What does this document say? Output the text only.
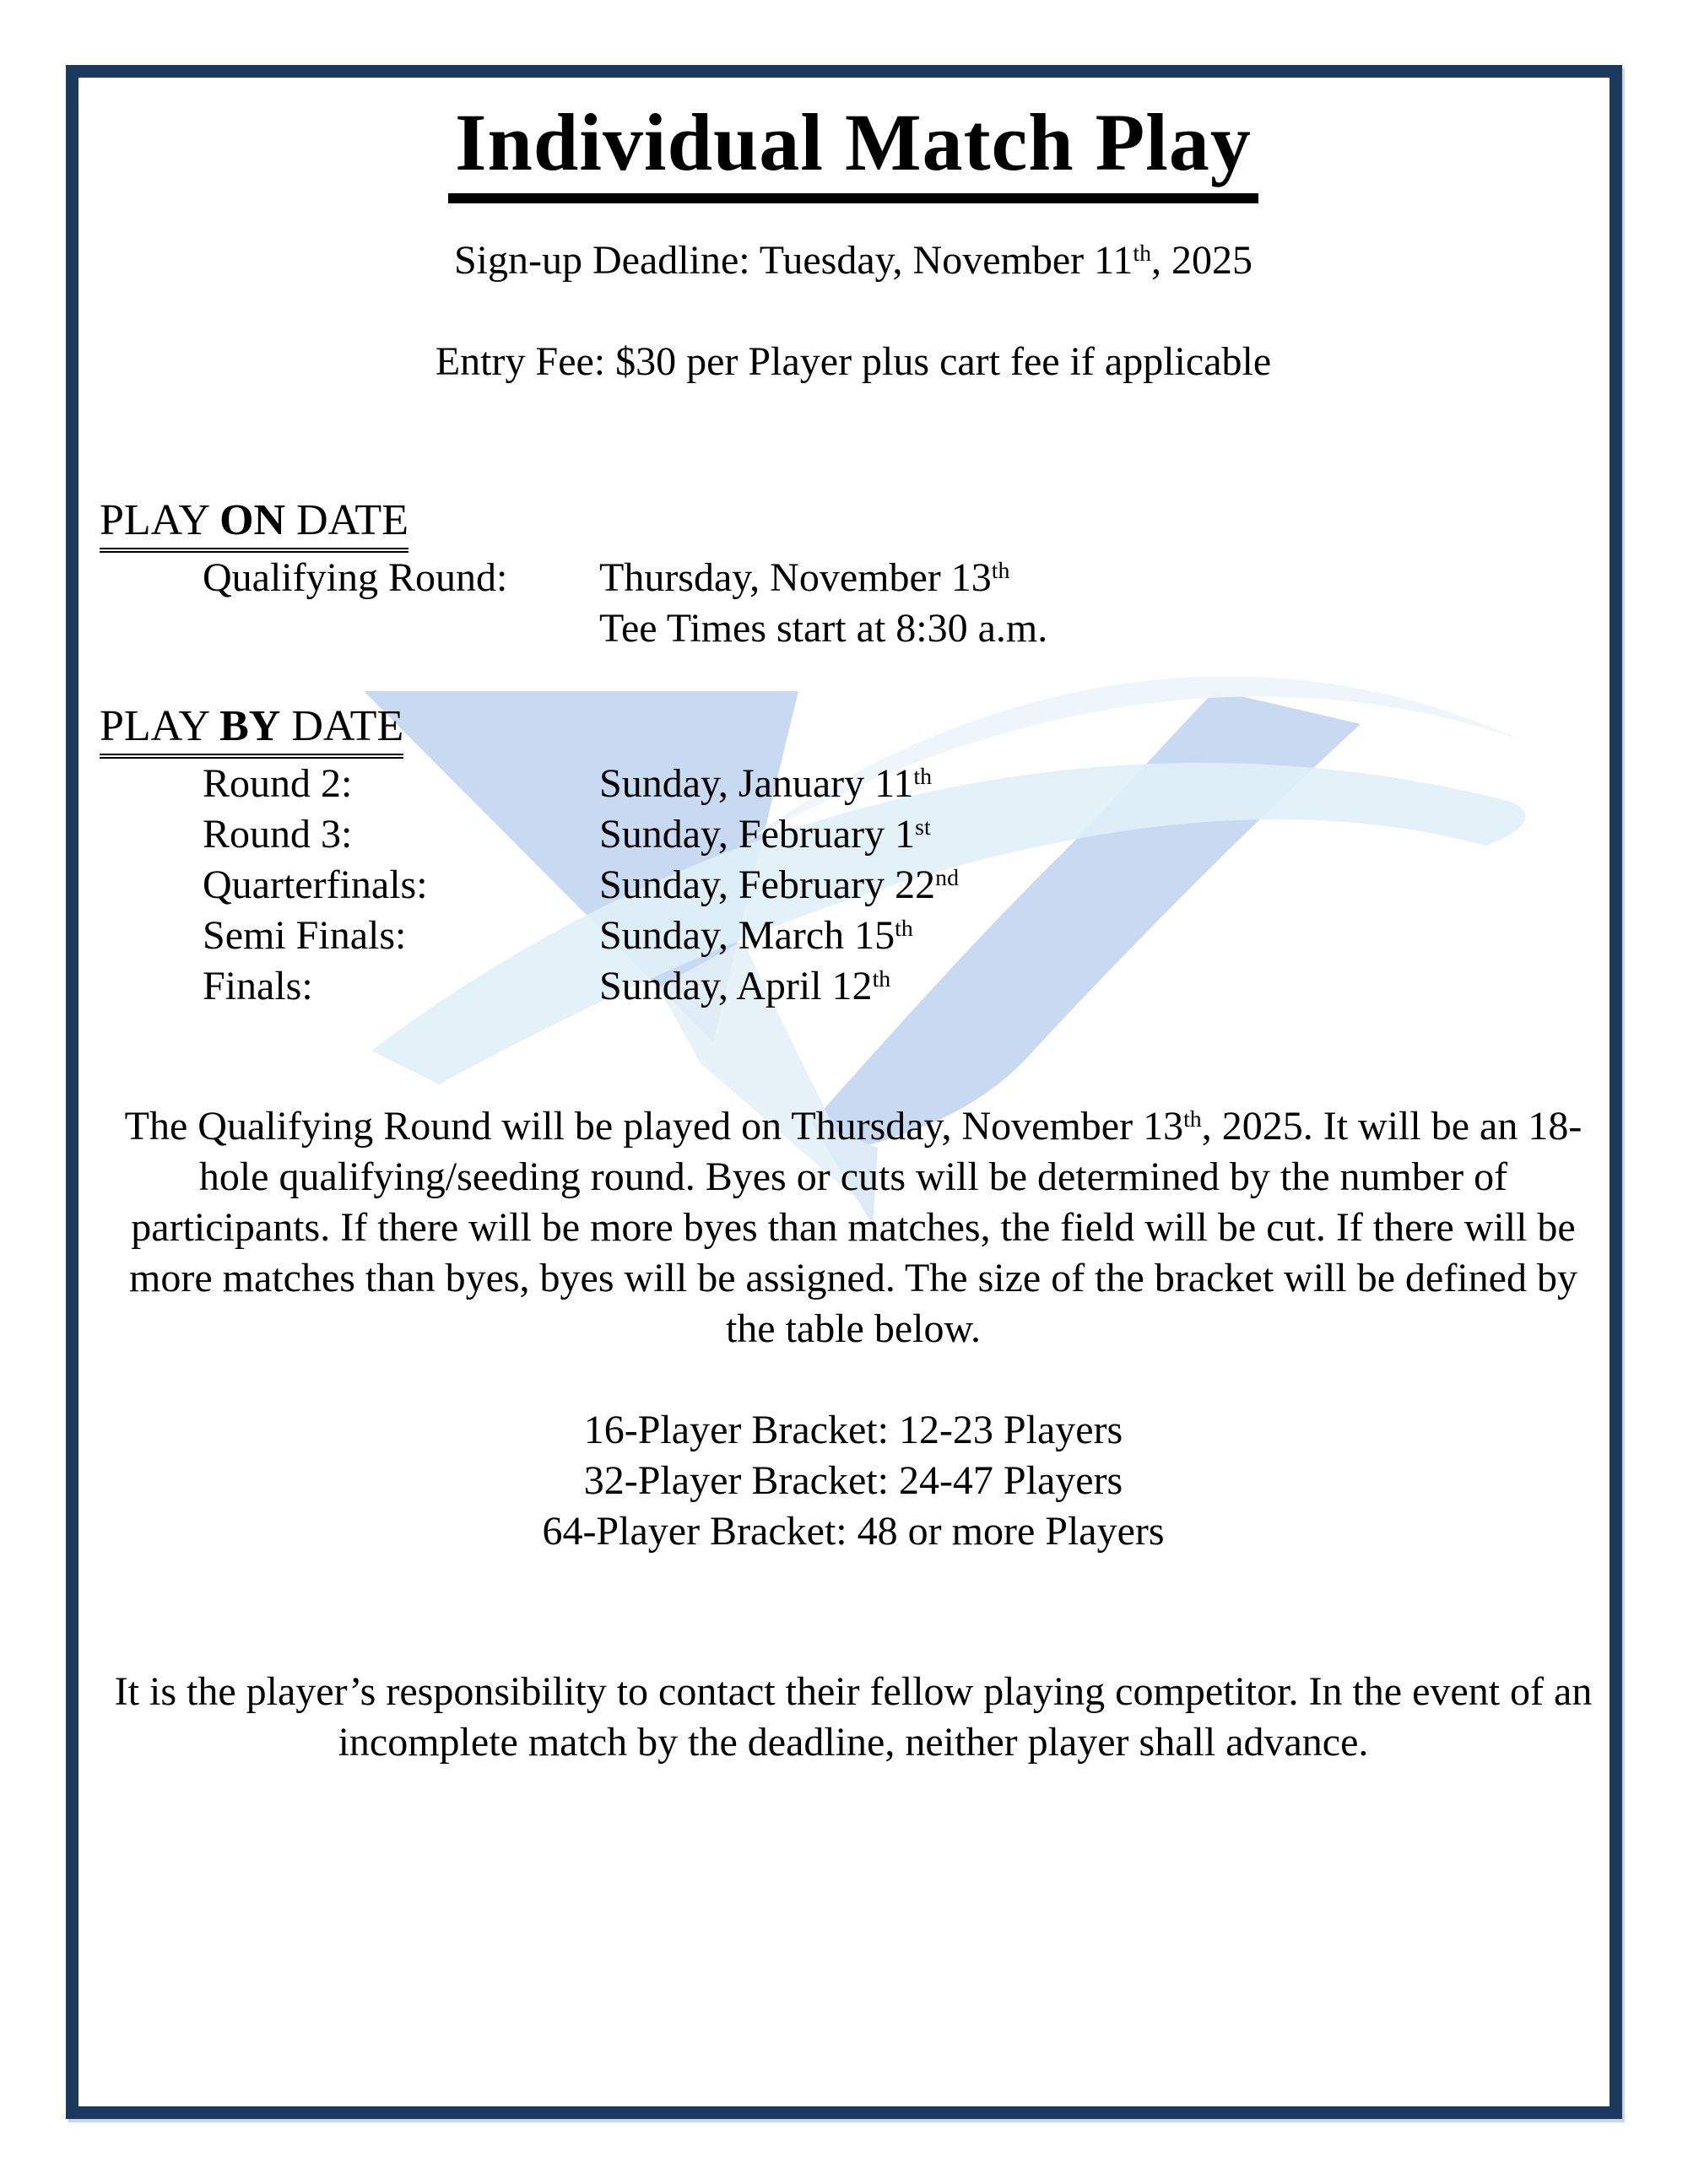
Individual Match Play
Sign-up Deadline: Tuesday, November 11th, 2025
Entry Fee: $30 per Player plus cart fee if applicable
PLAY ON DATE
Qualifying Round: Thursday, November 13th
Tee Times start at 8:30 a.m.
PLAY BY DATE
Round 2:	Sunday, January 11th
Round 3:	Sunday, February 1st
Quarterfinals:	Sunday, February 22nd
Semi Finals:	Sunday, March 15th
Finals:	Sunday, April 12th

The Qualifying Round will be played on Thursday, November 13th, 2025. It will be an 18-hole qualifying/seeding round. Byes or cuts will be determined by the number of participants. If there will be more byes than matches, the field will be cut. If there will be more matches than byes, byes will be assigned. The size of the bracket will be defined by the table below.

16-Player Bracket: 12-23 Players
32-Player Bracket: 24-47 Players
64-Player Bracket: 48 or more Players

It is the player’s responsibility to contact their fellow playing competitor. In the event of an incomplete match by the deadline, neither player shall advance.
